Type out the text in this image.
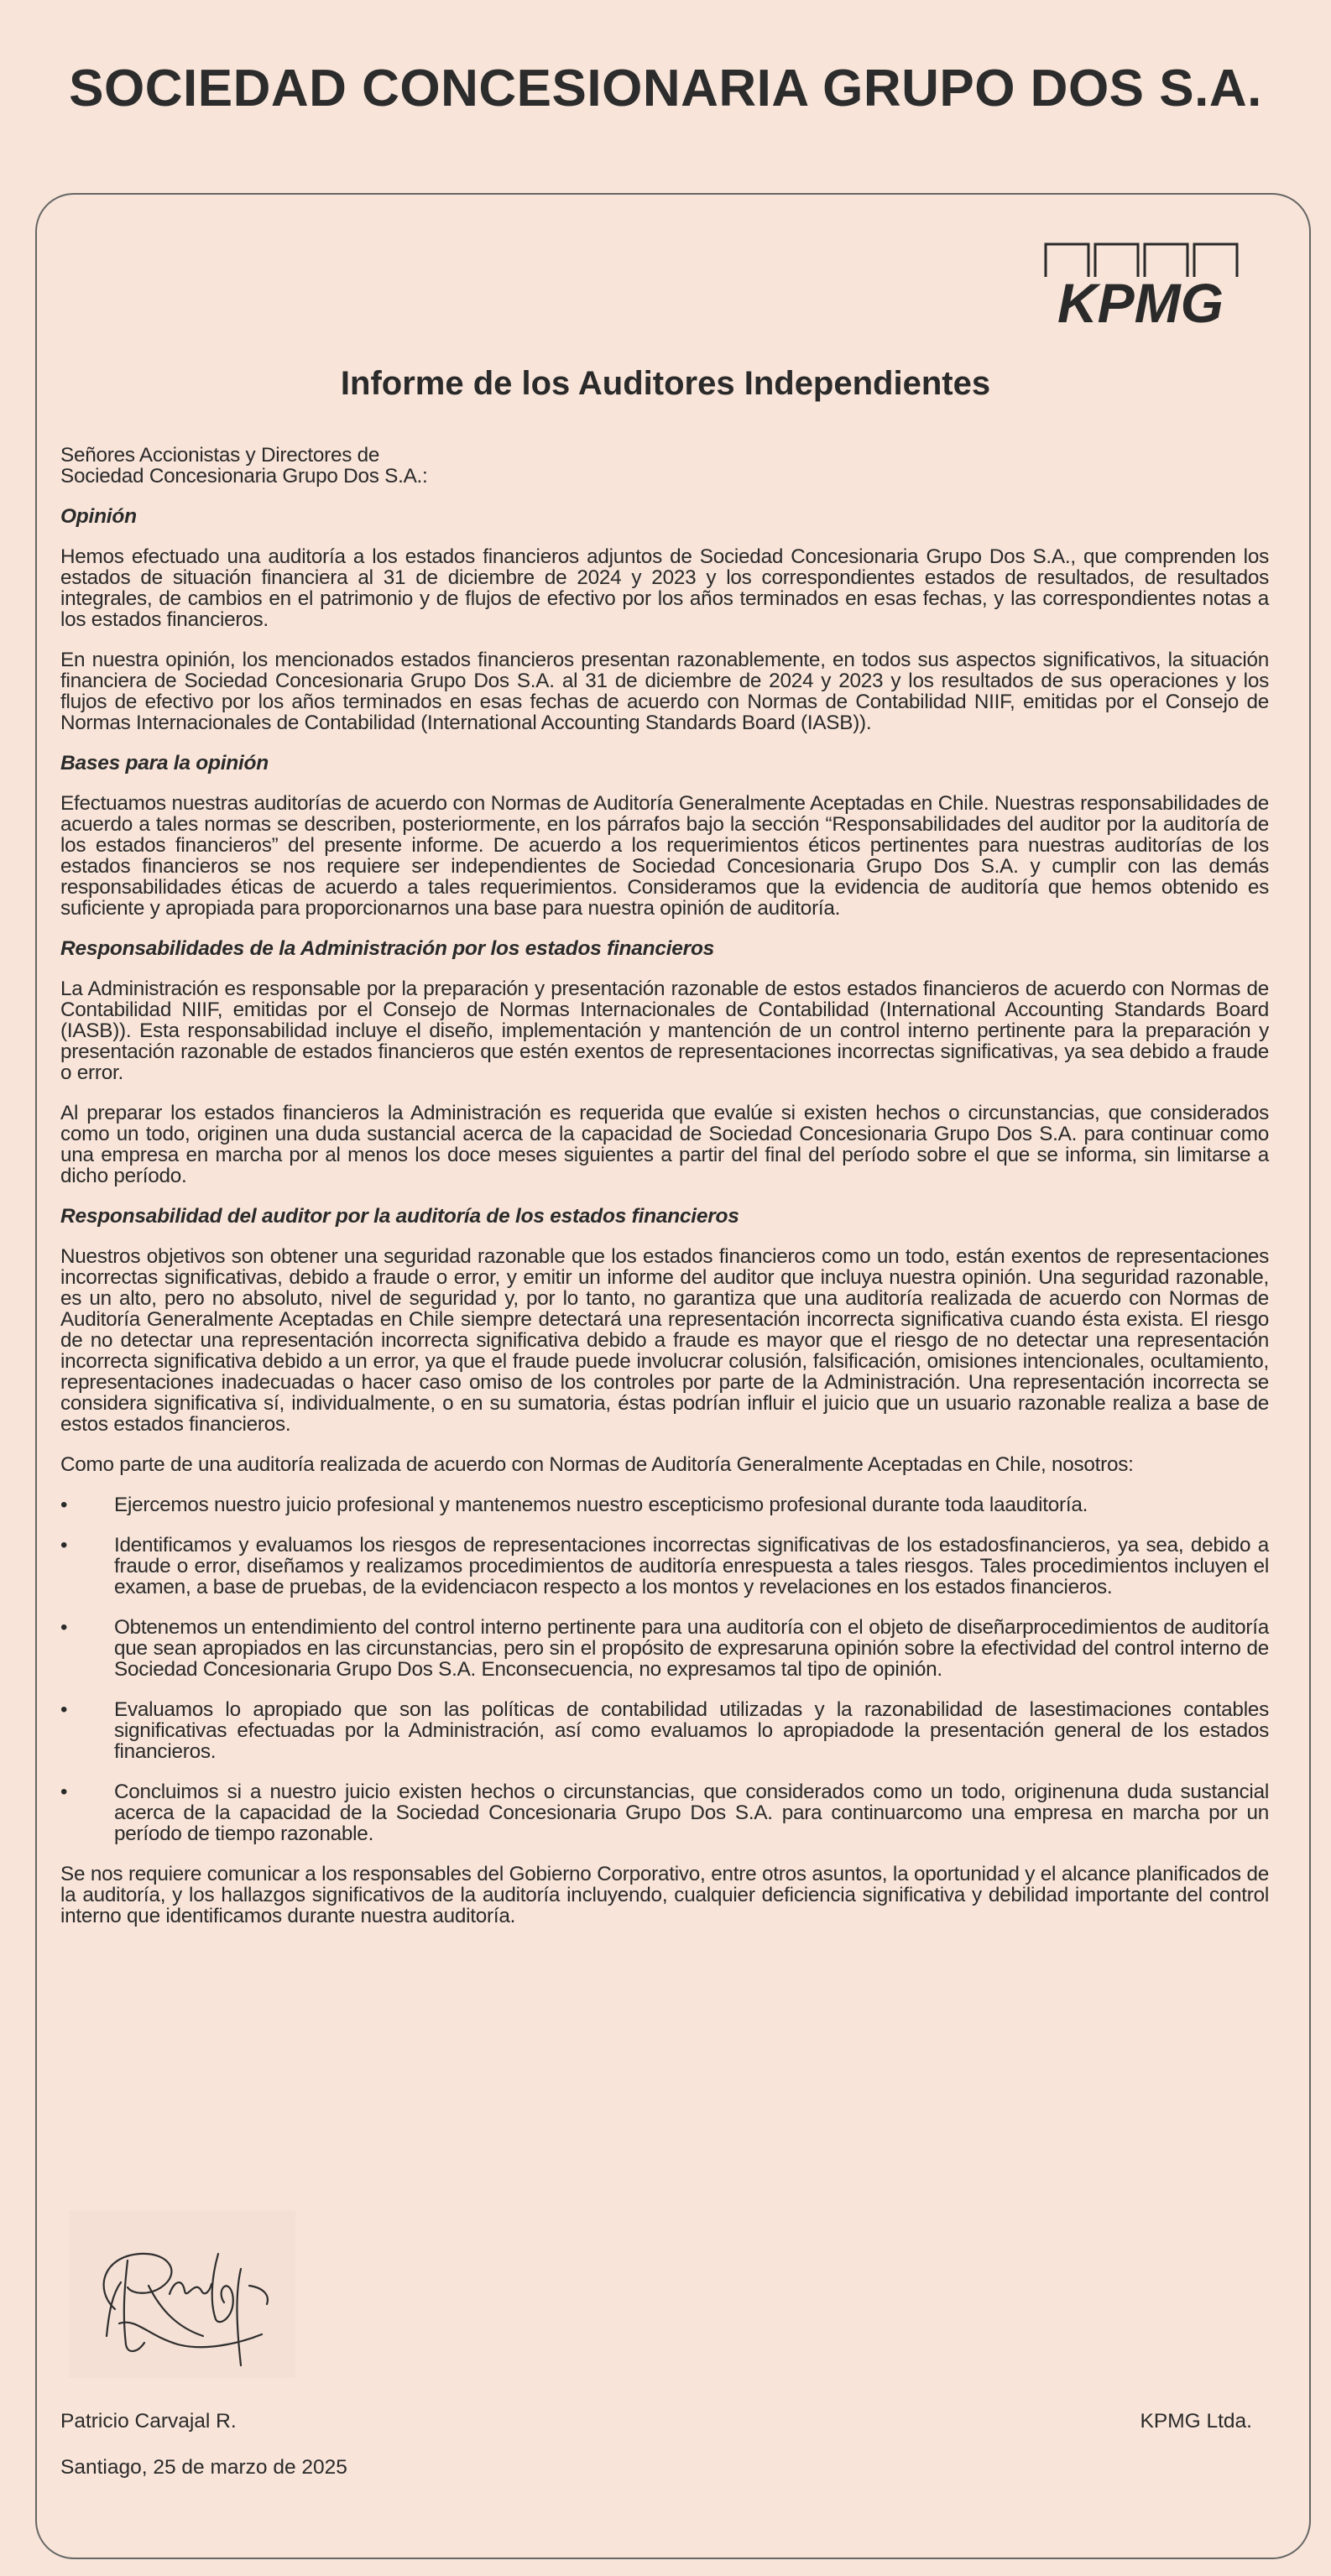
SOCIEDAD CONCESIONARIA GRUPO DOS S.A.
KPMG
Informe de los Auditores Independientes
Señores Accionistas y Directores de
Sociedad Concesionaria Grupo Dos S.A.:
Opinión

Hemos efectuado una auditoría a los estados financieros adjuntos de Sociedad Concesionaria Grupo Dos S.A., que comprenden los estados de situación financiera al 31 de diciembre de 2024 y 2023 y los correspondientes estados de resultados, de resultados integrales, de cambios en el patrimonio y de flujos de efectivo por los años terminados en esas fechas, y las correspondientes notas a los estados financieros.

En nuestra opinión, los mencionados estados financieros presentan razonablemente, en todos sus aspectos significativos, la situación financiera de Sociedad Concesionaria Grupo Dos S.A. al 31 de diciembre de 2024 y 2023 y los resultados de sus operaciones y los flujos de efectivo por los años terminados en esas fechas de acuerdo con Normas de Contabilidad NIIF, emitidas por el Consejo de Normas Internacionales de Contabilidad (International Accounting Standards Board (IASB)).

Bases para la opinión

Efectuamos nuestras auditorías de acuerdo con Normas de Auditoría Generalmente Aceptadas en Chile. Nuestras responsabilidades de acuerdo a tales normas se describen, posteriormente, en los párrafos bajo la sección “Responsabilidades del auditor por la auditoría de los estados financieros” del presente informe. De acuerdo a los requerimientos éticos pertinentes para nuestras auditorías de los estados financieros se nos requiere ser independientes de Sociedad Concesionaria Grupo Dos S.A. y cumplir con las demás responsabilidades éticas de acuerdo a tales requerimientos. Consideramos que la evidencia de auditoría que hemos obtenido es suficiente y apropiada para proporcionarnos una base para nuestra opinión de auditoría.

Responsabilidades de la Administración por los estados financieros

La Administración es responsable por la preparación y presentación razonable de estos estados financieros de acuerdo con Normas de Contabilidad NIIF, emitidas por el Consejo de Normas Internacionales de Contabilidad (International Accounting Standards Board (IASB)). Esta responsabilidad incluye el diseño, implementación y mantención de un control interno pertinente para la preparación y presentación razonable de estados financieros que estén exentos de representaciones incorrectas significativas, ya sea debido a fraude o error.

Al preparar los estados financieros la Administración es requerida que evalúe si existen hechos o circunstancias, que considerados como un todo, originen una duda sustancial acerca de la capacidad de Sociedad Concesionaria Grupo Dos S.A. para continuar como una empresa en marcha por al menos los doce meses siguientes a partir del final del período sobre el que se informa, sin limitarse a dicho período.

Responsabilidad del auditor por la auditoría de los estados financieros

Nuestros objetivos son obtener una seguridad razonable que los estados financieros como un todo, están exentos de representaciones incorrectas significativas, debido a fraude o error, y emitir un informe del auditor que incluya nuestra opinión. Una seguridad razonable, es un alto, pero no absoluto, nivel de seguridad y, por lo tanto, no garantiza que una auditoría realizada de acuerdo con Normas de Auditoría Generalmente Aceptadas en Chile siempre detectará una representación incorrecta significativa cuando ésta exista. El riesgo de no detectar una representación incorrecta significativa debido a fraude es mayor que el riesgo de no detectar una representación incorrecta significativa debido a un error, ya que el fraude puede involucrar colusión, falsificación, omisiones intencionales, ocultamiento, representaciones inadecuadas o hacer caso omiso de los controles por parte de la Administración. Una representación incorrecta se considera significativa sí, individualmente, o en su sumatoria, éstas podrían influir el juicio que un usuario razonable realiza a base de estos estados financieros.

Como parte de una auditoría realizada de acuerdo con Normas de Auditoría Generalmente Aceptadas en Chile, nosotros:

• Ejercemos nuestro juicio profesional y mantenemos nuestro escepticismo profesional durante toda laauditoría.
• Identificamos y evaluamos los riesgos de representaciones incorrectas significativas de los estadosfinancieros, ya sea, debido a fraude o error, diseñamos y realizamos procedimientos de auditoría enrespuesta a tales riesgos. Tales procedimientos incluyen el examen, a base de pruebas, de la evidenciacon respecto a los montos y revelaciones en los estados financieros.
• Obtenemos un entendimiento del control interno pertinente para una auditoría con el objeto de diseñarprocedimientos de auditoría que sean apropiados en las circunstancias, pero sin el propósito de expresaruna opinión sobre la efectividad del control interno de Sociedad Concesionaria Grupo Dos S.A. Enconsecuencia, no expresamos tal tipo de opinión.
• Evaluamos lo apropiado que son las políticas de contabilidad utilizadas y la razonabilidad de lasestimaciones contables significativas efectuadas por la Administración, así como evaluamos lo apropiadode la presentación general de los estados financieros.
• Concluimos si a nuestro juicio existen hechos o circunstancias, que considerados como un todo, originenuna duda sustancial acerca de la capacidad de la Sociedad Concesionaria Grupo Dos S.A. para continuarcomo una empresa en marcha por un período de tiempo razonable.

Se nos requiere comunicar a los responsables del Gobierno Corporativo, entre otros asuntos, la oportunidad y el alcance planificados de la auditoría, y los hallazgos significativos de la auditoría incluyendo, cualquier deficiencia significativa y debilidad importante del control interno que identificamos durante nuestra auditoría.

Patricio Carvajal R.	KPMG Ltda.

Santiago, 25 de marzo de 2025
